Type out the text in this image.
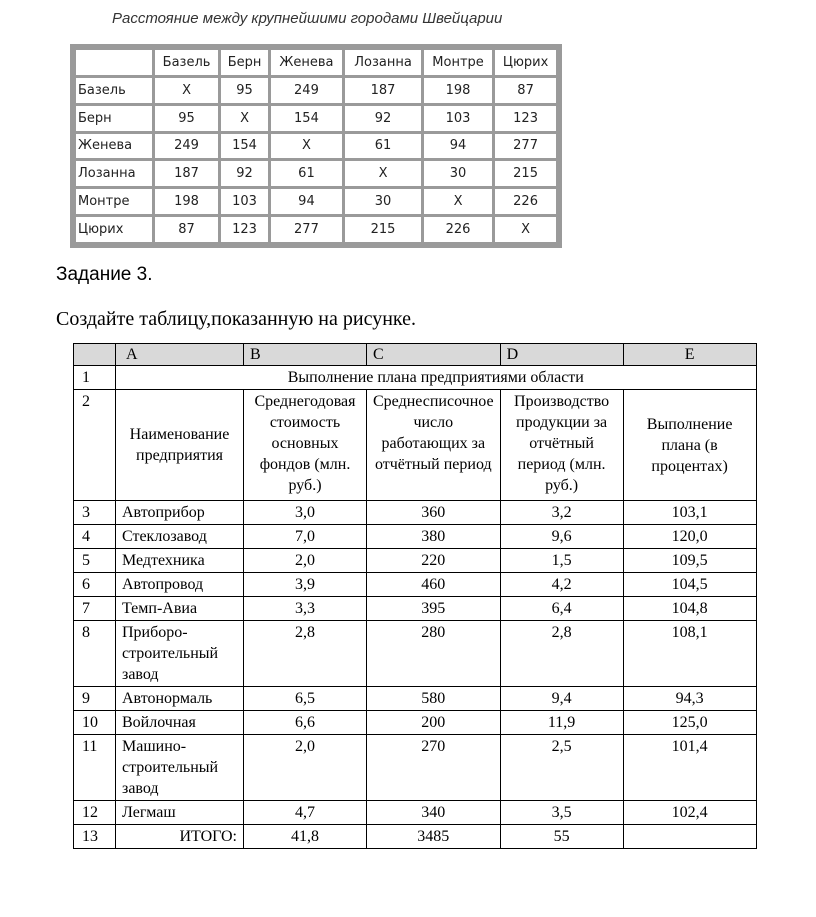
Расстояние между крупнейшими городами Швейцарии
	Базель	Берн	Женева	Лозанна	Монтре	Цюрих
Базель	X	95	249	187	198	87
Берн	95	X	154	92	103	123
Женева	249	154	X	61	94	277
Лозанна	187	92	61	X	30	215
Монтре	198	103	94	30	X	226
Цюрих	87	123	277	215	226	X
Задание 3.
Создайте таблицу,показанную на рисунке.
	A	B	C	D	E
1	Выполнение плана предприятиями области				
2	Наименование предприятия	Среднегодовая стоимость основных фондов (млн. руб.)	Среднесписочное число работающих за отчётный период	Производство продукции за отчётный период (млн. руб.)	Выполнение плана (в процентах)
3	Автоприбор	3,0	360	3,2	103,1
4	Стеклозавод	7,0	380	9,6	120,0
5	Медтехника	2,0	220	1,5	109,5
6	Автопровод	3,9	460	4,2	104,5
7	Темп-Авиа	3,3	395	6,4	104,8
8	Приборо-строительный завод	2,8	280	2,8	108,1
9	Автонормаль	6,5	580	9,4	94,3
10	Войлочная	6,6	200	11,9	125,0
11	Машино-строительный завод	2,0	270	2,5	101,4
12	Легмаш	4,7	340	3,5	102,4
13	ИТОГО:	41,8	3485	55	
